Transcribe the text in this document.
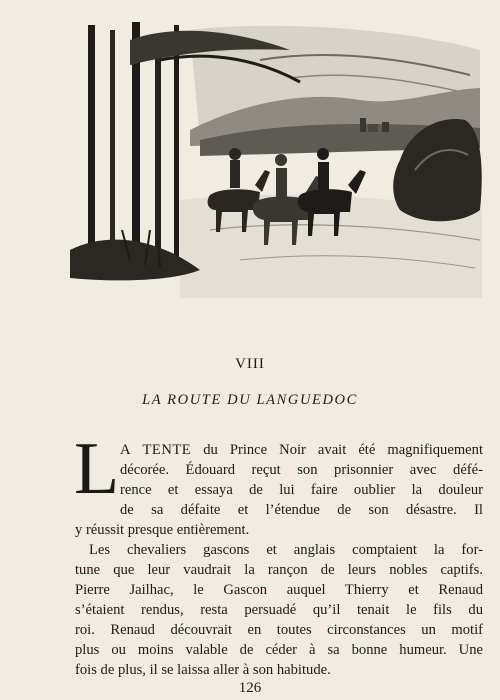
VIII
LA ROUTE DU LANGUEDOC
L A TENTE du Prince Noir avait été magnifiquement
décorée. Édouard reçut son prisonnier avec défé-
rence et essaya de lui faire oublier la douleur
de sa défaite et l’étendue de son désastre. Il
y réussit presque entièrement.
Les chevaliers gascons et anglais comptaient la for-
tune que leur vaudrait la rançon de leurs nobles captifs.
Pierre Jailhac, le Gascon auquel Thierry et Renaud
s’étaient rendus, resta persuadé qu’il tenait le fils du
roi. Renaud découvrait en toutes circonstances un motif
plus ou moins valable de céder à sa bonne humeur. Une
fois de plus, il se laissa aller à son habitude.
126
